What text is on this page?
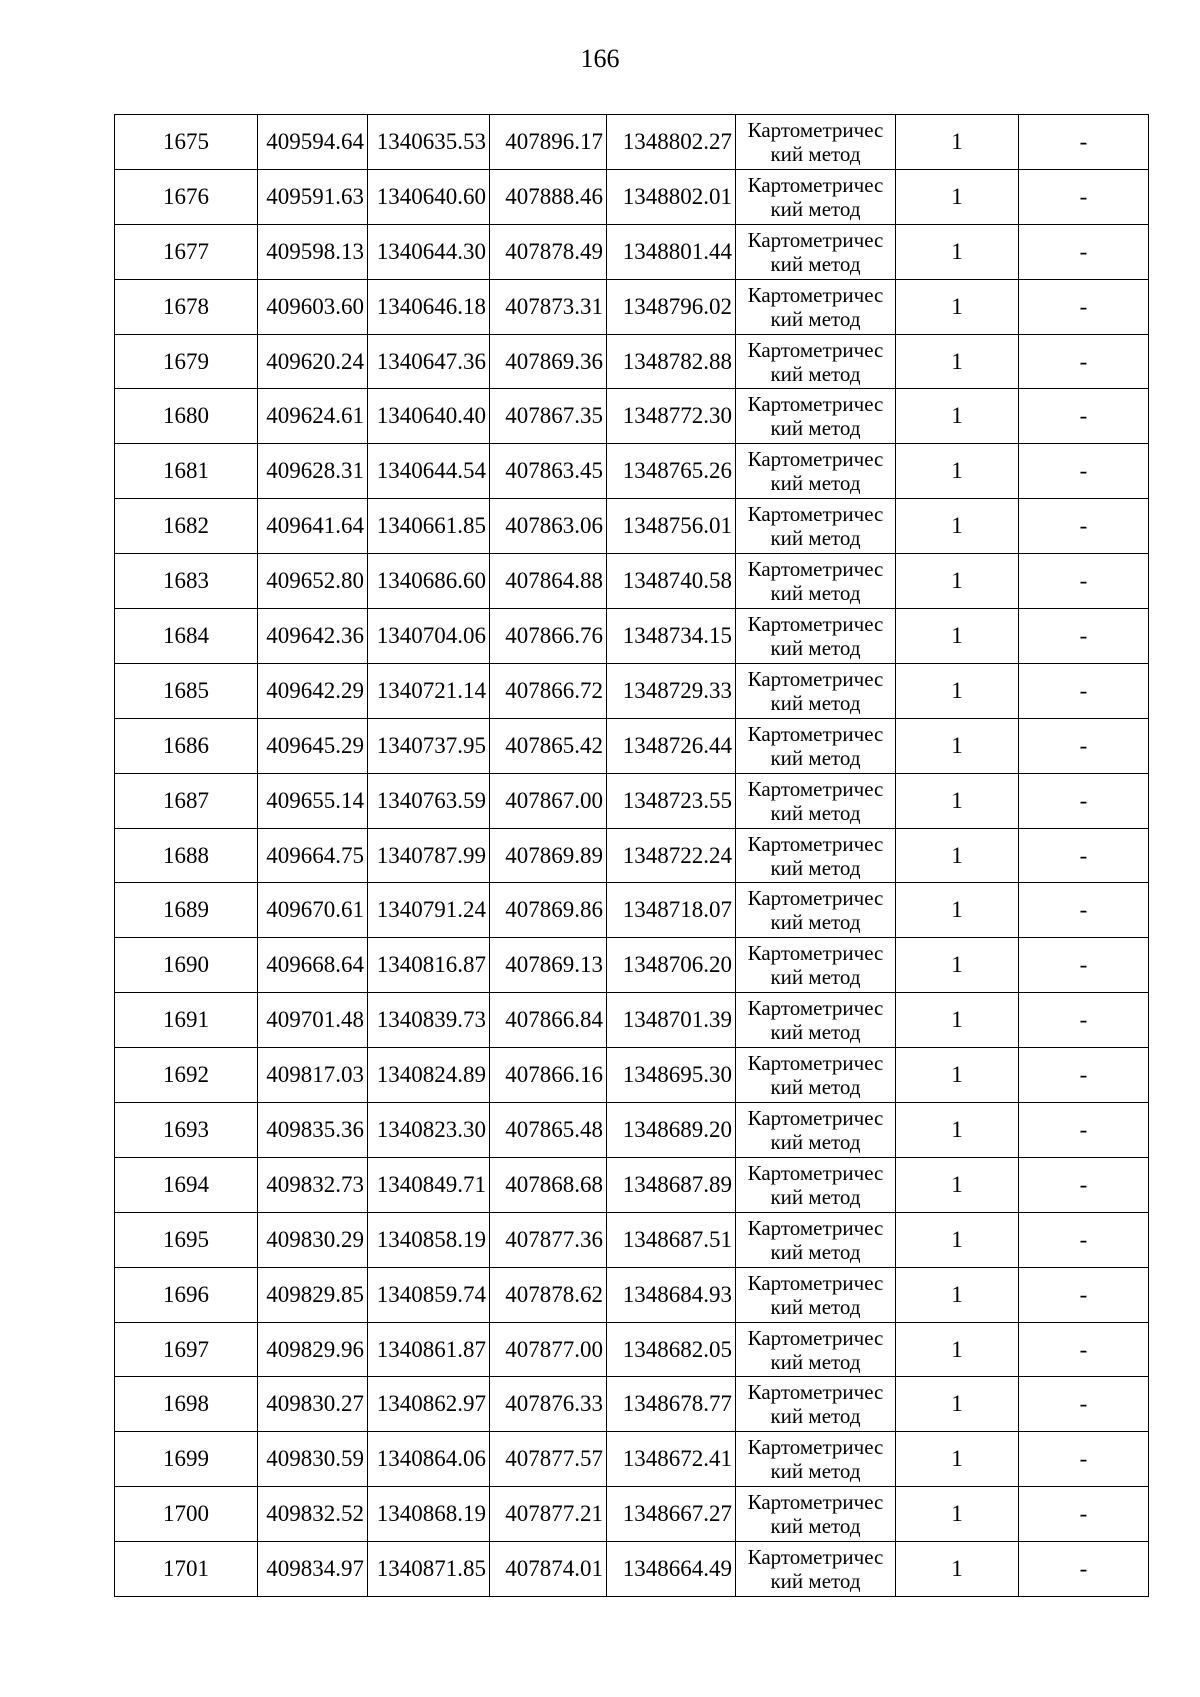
166
1675	409594.64	1340635.53	407896.17	1348802.27	Картометричес
кий метод	1	-
1676	409591.63	1340640.60	407888.46	1348802.01	Картометричес
кий метод	1	-
1677	409598.13	1340644.30	407878.49	1348801.44	Картометричес
кий метод	1	-
1678	409603.60	1340646.18	407873.31	1348796.02	Картометричес
кий метод	1	-
1679	409620.24	1340647.36	407869.36	1348782.88	Картометричес
кий метод	1	-
1680	409624.61	1340640.40	407867.35	1348772.30	Картометричес
кий метод	1	-
1681	409628.31	1340644.54	407863.45	1348765.26	Картометричес
кий метод	1	-
1682	409641.64	1340661.85	407863.06	1348756.01	Картометричес
кий метод	1	-
1683	409652.80	1340686.60	407864.88	1348740.58	Картометричес
кий метод	1	-
1684	409642.36	1340704.06	407866.76	1348734.15	Картометричес
кий метод	1	-
1685	409642.29	1340721.14	407866.72	1348729.33	Картометричес
кий метод	1	-
1686	409645.29	1340737.95	407865.42	1348726.44	Картометричес
кий метод	1	-
1687	409655.14	1340763.59	407867.00	1348723.55	Картометричес
кий метод	1	-
1688	409664.75	1340787.99	407869.89	1348722.24	Картометричес
кий метод	1	-
1689	409670.61	1340791.24	407869.86	1348718.07	Картометричес
кий метод	1	-
1690	409668.64	1340816.87	407869.13	1348706.20	Картометричес
кий метод	1	-
1691	409701.48	1340839.73	407866.84	1348701.39	Картометричес
кий метод	1	-
1692	409817.03	1340824.89	407866.16	1348695.30	Картометричес
кий метод	1	-
1693	409835.36	1340823.30	407865.48	1348689.20	Картометричес
кий метод	1	-
1694	409832.73	1340849.71	407868.68	1348687.89	Картометричес
кий метод	1	-
1695	409830.29	1340858.19	407877.36	1348687.51	Картометричес
кий метод	1	-
1696	409829.85	1340859.74	407878.62	1348684.93	Картометричес
кий метод	1	-
1697	409829.96	1340861.87	407877.00	1348682.05	Картометричес
кий метод	1	-
1698	409830.27	1340862.97	407876.33	1348678.77	Картометричес
кий метод	1	-
1699	409830.59	1340864.06	407877.57	1348672.41	Картометричес
кий метод	1	-
1700	409832.52	1340868.19	407877.21	1348667.27	Картометричес
кий метод	1	-
1701	409834.97	1340871.85	407874.01	1348664.49	Картометричес
кий метод	1	-
